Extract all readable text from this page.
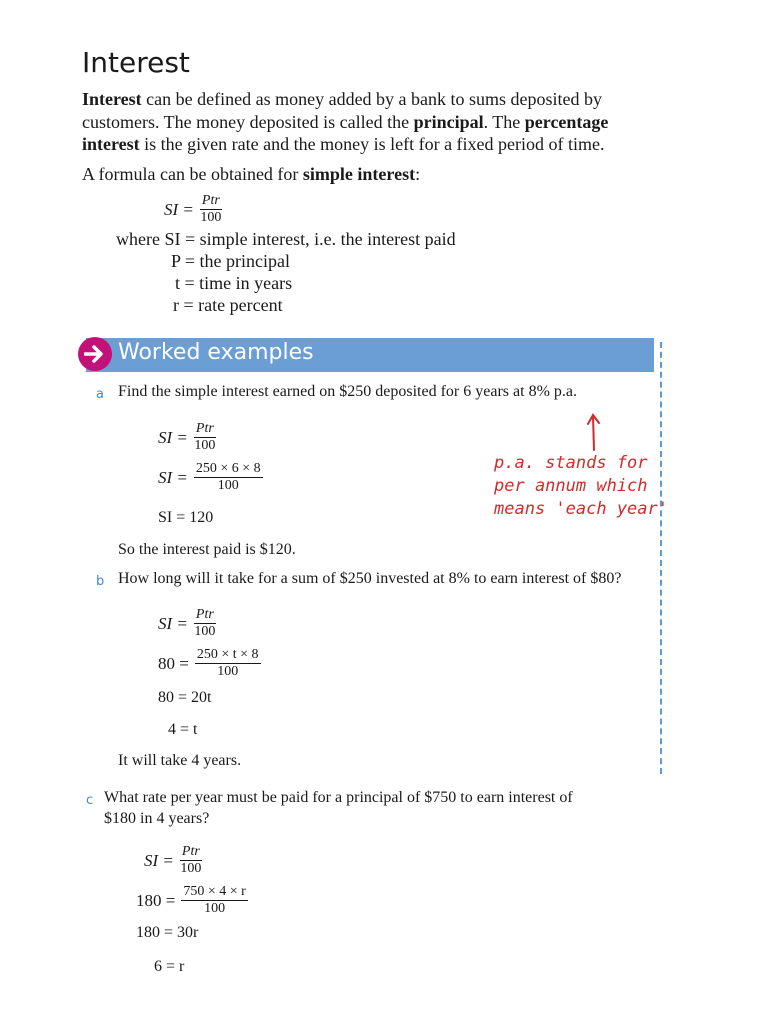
Interest
Interest can be defined as money added by a bank to sums deposited by customers. The money deposited is called the principal. The percentage interest is the given rate and the money is left for a fixed period of time.
A formula can be obtained for simple interest:
SI = $\frac{\text{Ptr}}{100}$
where SI = simple interest, i.e. the interest paid
P = the principal
t = time in years
r = rate percent
Worked examples
a Find the simple interest earned on $250 deposited for 6 years at 8% p.a.
SI = $\frac{\text{Ptr}}{100}$
SI = $\frac{250 \times 6 \times 8}{100}$
SI = 120
So the interest paid is $120.
p.a. stands for
per annum which
means 'each year'
b How long will it take for a sum of $250 invested at 8% to earn interest of $80?
SI = $\frac{\text{Ptr}}{100}$
$80 = \frac{250 \times t \times 8}{100}$
80 = 20t
4 = t
It will take 4 years.
c What rate per year must be paid for a principal of $750 to earn interest of
$180 in 4 years?
SI = $\frac{\text{Ptr}}{100}$
$180 = \frac{750 \times 4 \times r}{100}$
180 = 30r
6 = r
